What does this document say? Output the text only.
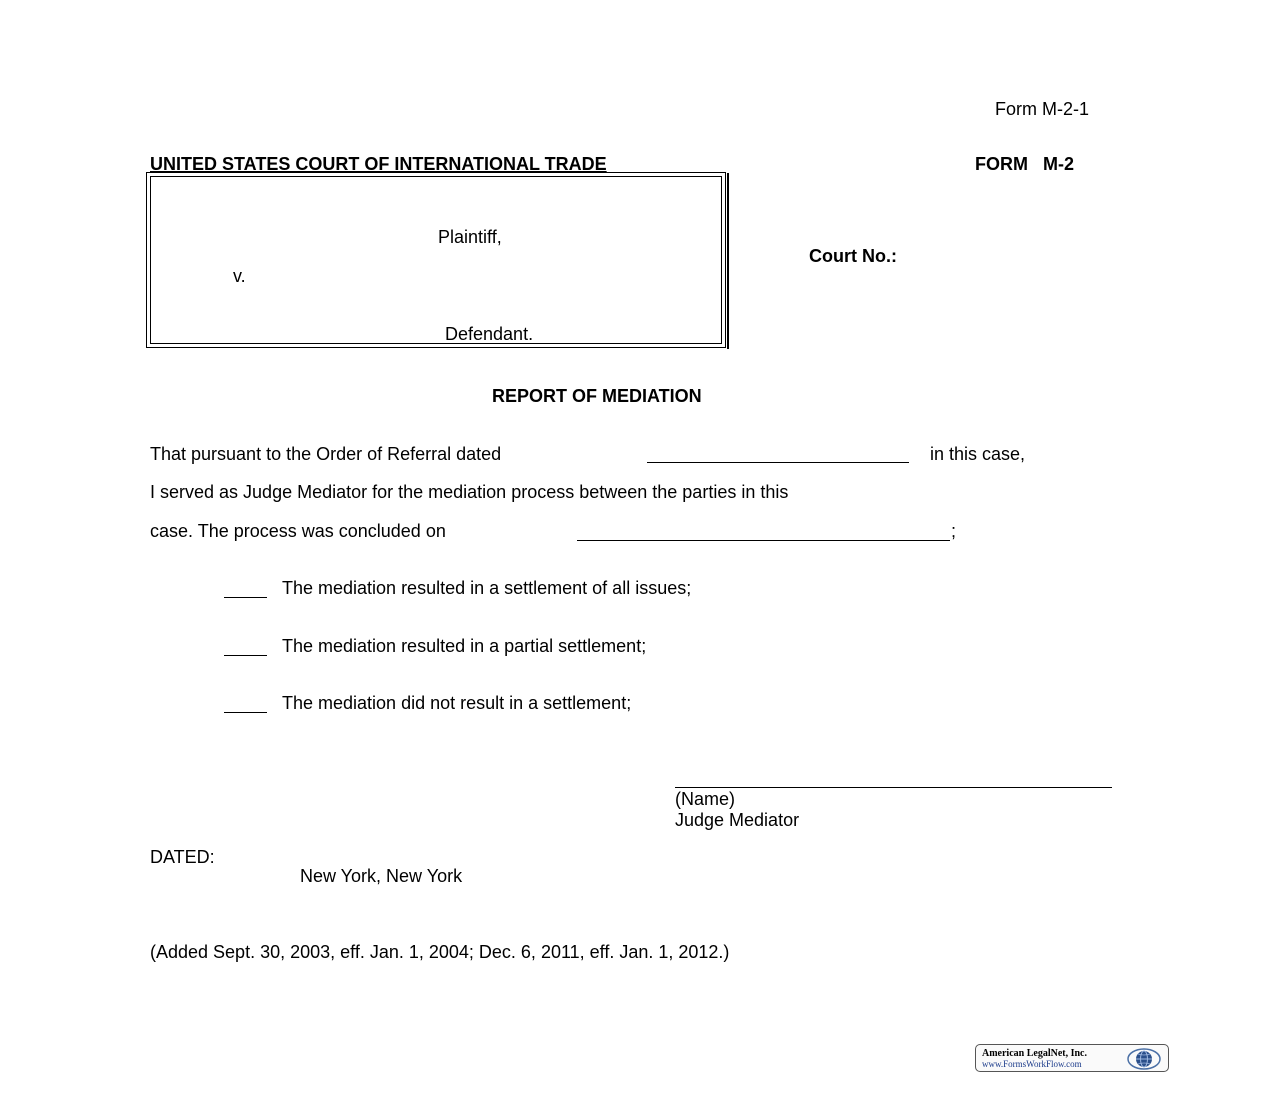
Form M-2-1
UNITED STATES COURT OF INTERNATIONAL TRADE	FORM   M-2
Plaintiff,
v.
Defendant.
Court No.:
REPORT OF MEDIATION
That pursuant to the Order of Referral dated	in this case,
I served as Judge Mediator for the mediation process between the parties in this
case. The process was concluded on	;
The mediation resulted in a settlement of all issues;
The mediation resulted in a partial settlement;
The mediation did not result in a settlement;
(Name)
Judge Mediator
DATED:
New York, New York
(Added Sept. 30, 2003, eff. Jan. 1, 2004; Dec. 6, 2011, eff. Jan. 1, 2012.)
American LegalNet, Inc.
www.FormsWorkFlow.com
